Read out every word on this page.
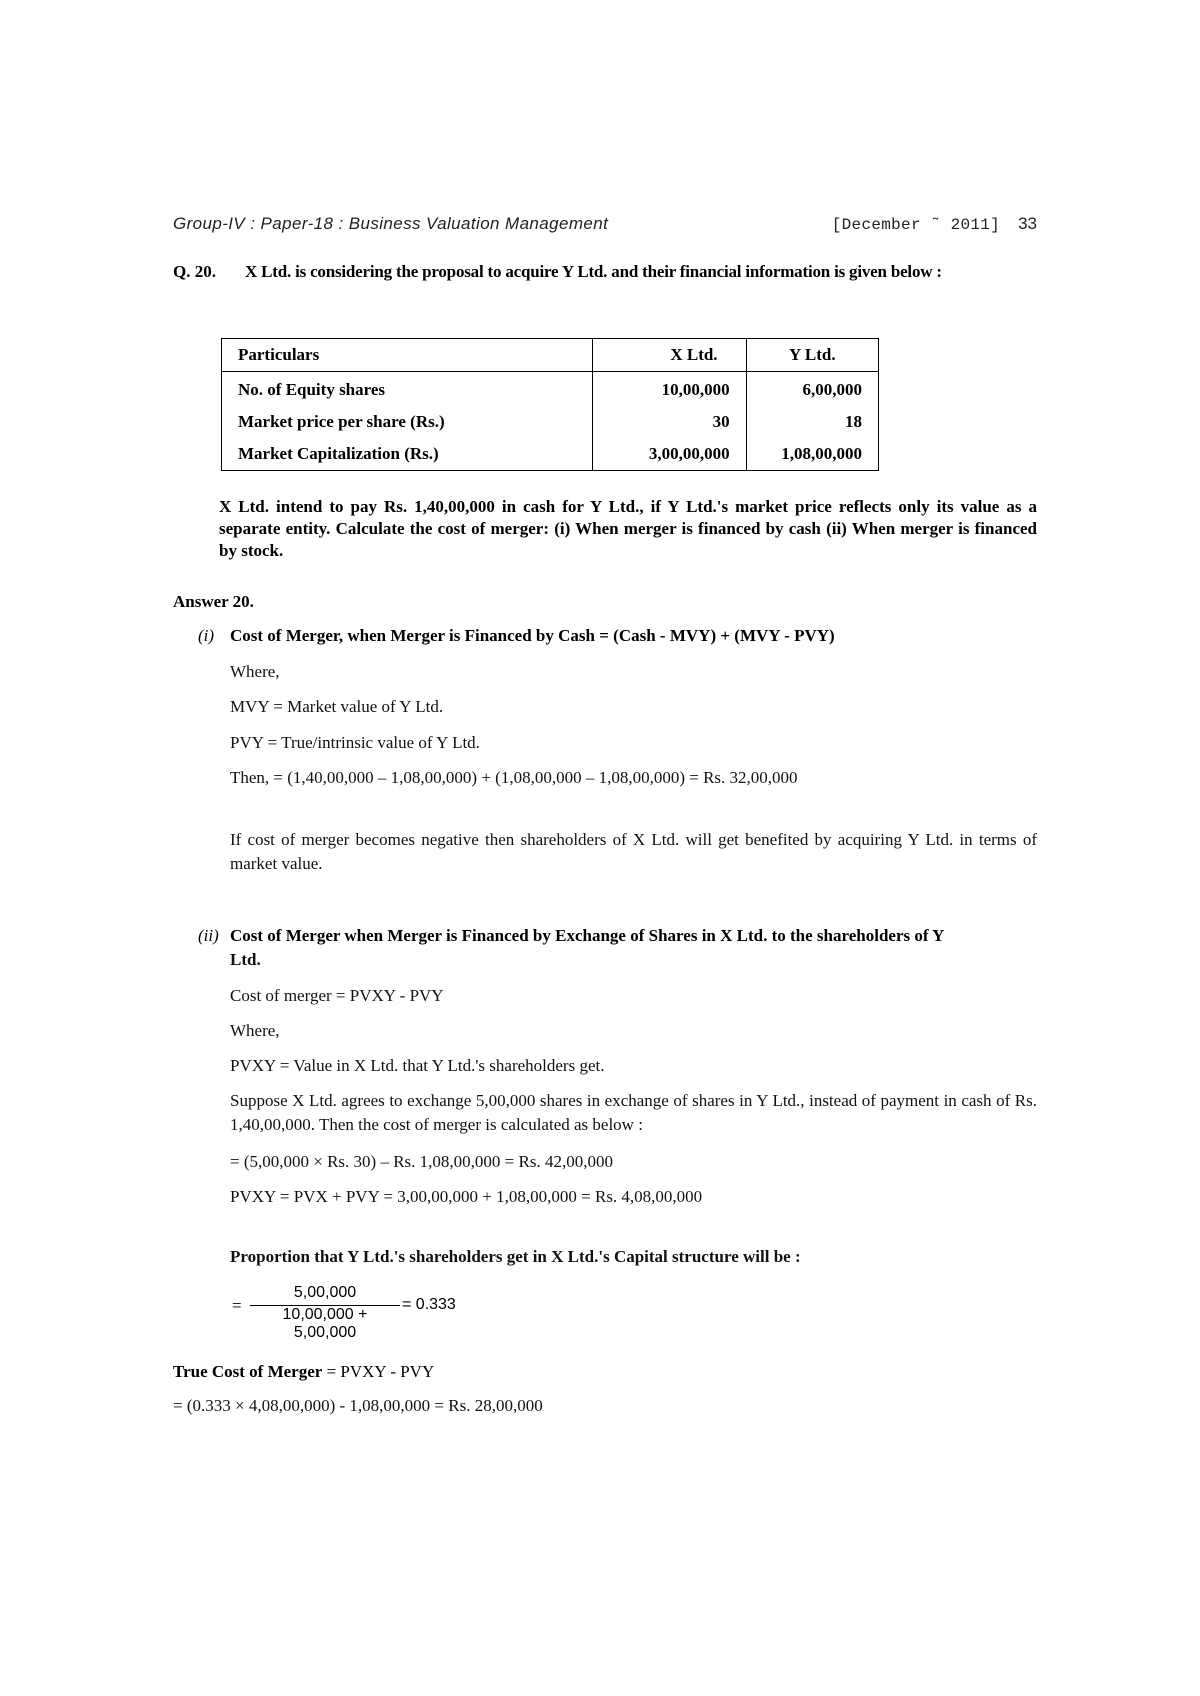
Group-IV : Paper-18 : Business Valuation Management	[December ˜ 2011] 33
Q. 20. X Ltd. is considering the proposal to acquire Y Ltd. and their financial information is given below :
Particulars	X Ltd.	Y Ltd.
No. of Equity shares	10,00,000	6,00,000
Market price per share (Rs.)	30	18
Market Capitalization (Rs.)	3,00,00,000	1,08,00,000
X Ltd. intend to pay Rs. 1,40,00,000 in cash for Y Ltd., if Y Ltd.'s market price reflects only its value as a separate entity. Calculate the cost of merger: (i) When merger is financed by cash (ii) When merger is financed by stock.
Answer 20.
(i) Cost of Merger, when Merger is Financed by Cash = (Cash - MVY) + (MVY - PVY)
Where,
MVY = Market value of Y Ltd.
PVY = True/intrinsic value of Y Ltd.
Then, = (1,40,00,000 – 1,08,00,000) + (1,08,00,000 – 1,08,00,000) = Rs. 32,00,000
If cost of merger becomes negative then shareholders of X Ltd. will get benefited by acquiring Y Ltd. in terms of market value.
(ii) Cost of Merger when Merger is Financed by Exchange of Shares in X Ltd. to the shareholders of Y
Ltd.
Cost of merger = PVXY - PVY
Where,
PVXY = Value in X Ltd. that Y Ltd.'s shareholders get.
Suppose X Ltd. agrees to exchange 5,00,000 shares in exchange of shares in Y Ltd., instead of payment in cash of Rs. 1,40,00,000. Then the cost of merger is calculated as below :
= (5,00,000 × Rs. 30) – Rs. 1,08,00,000 = Rs. 42,00,000
PVXY = PVX + PVY = 3,00,00,000 + 1,08,00,000 = Rs. 4,08,00,000
Proportion that Y Ltd.'s shareholders get in X Ltd.'s Capital structure will be :
=
5,00,000
10,00,000 + 5,00,000
= 0.333
True Cost of Merger = PVXY - PVY
= (0.333 × 4,08,00,000) - 1,08,00,000 = Rs. 28,00,000
